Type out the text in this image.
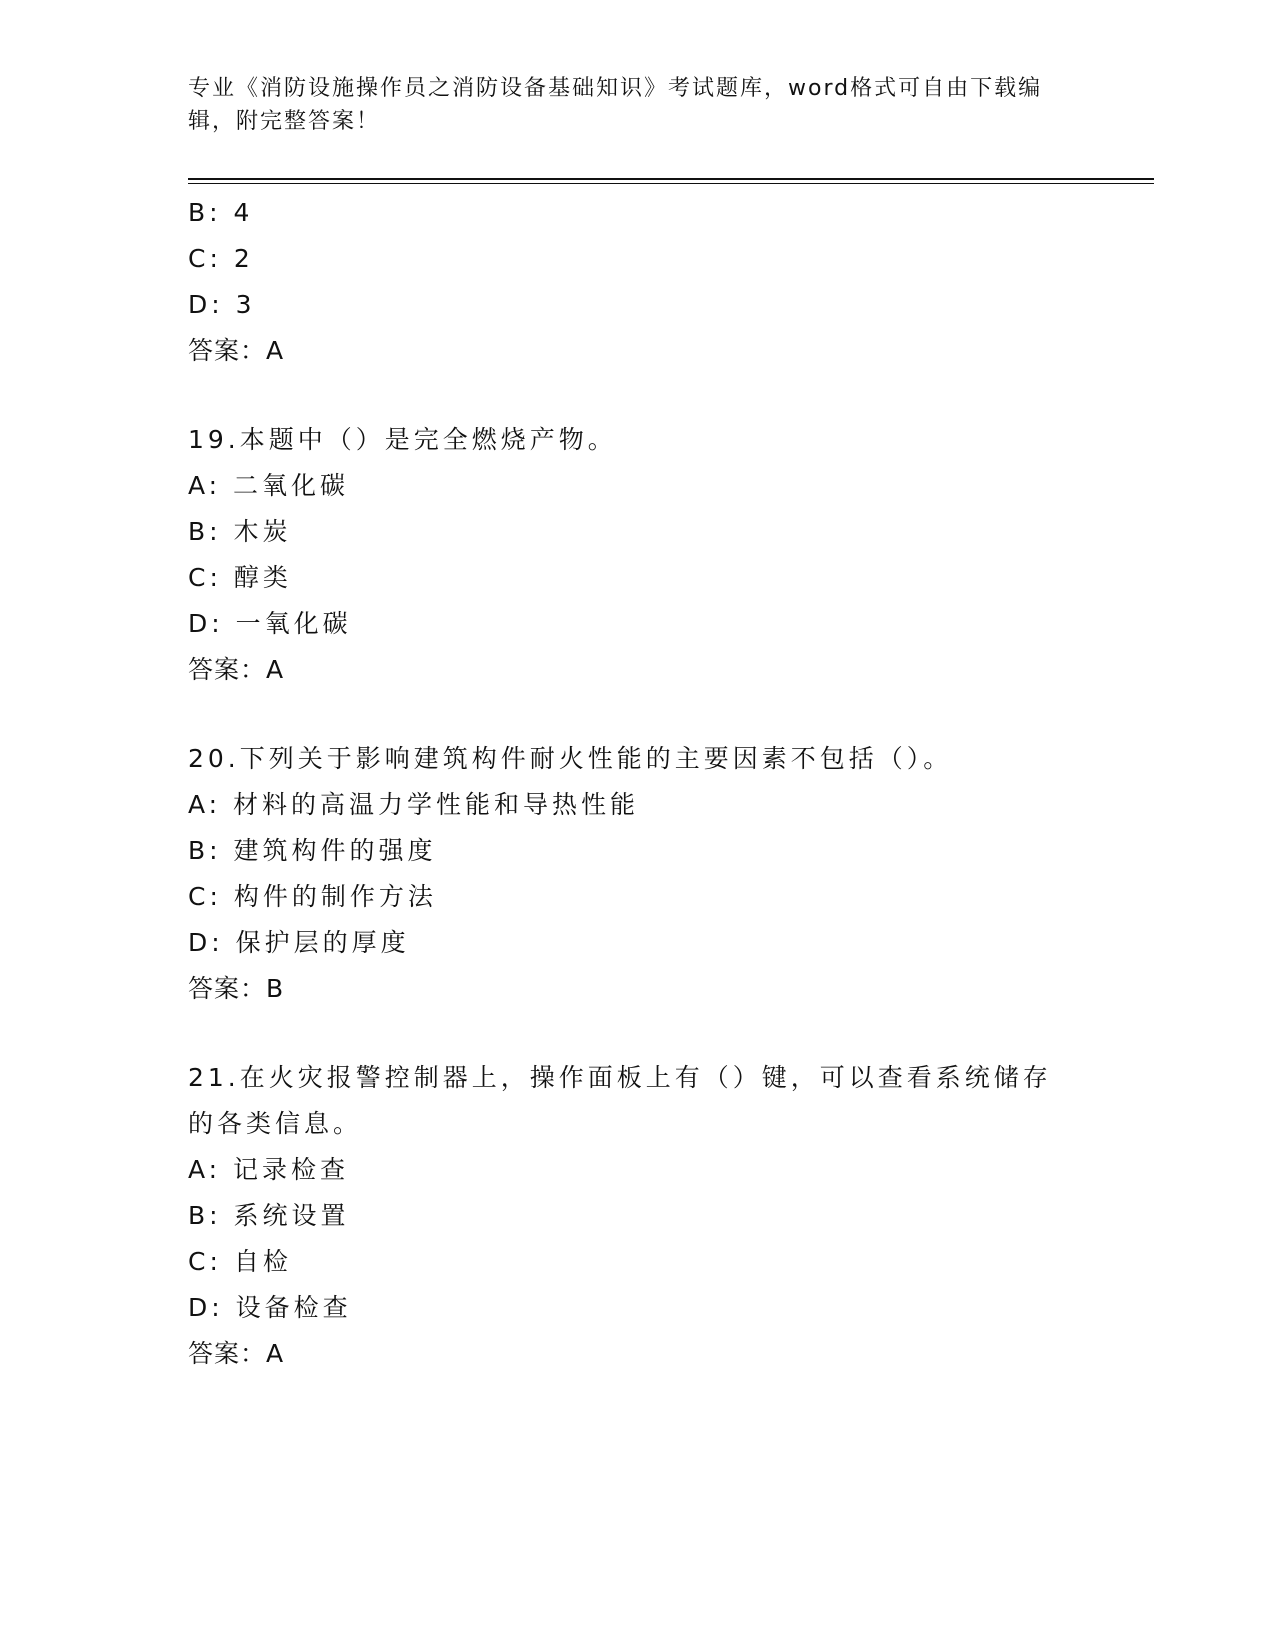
专业《消防设施操作员之消防设备基础知识》考试题库，word格式可自由下载编辑，附完整答案！
B: 4
C: 2
D: 3
答案：A
19.本题中（）是完全燃烧产物。
A: 二氧化碳
B: 木炭
C: 醇类
D: 一氧化碳
答案：A
20.下列关于影响建筑构件耐火性能的主要因素不包括（）。
A: 材料的高温力学性能和导热性能
B: 建筑构件的强度
C: 构件的制作方法
D: 保护层的厚度
答案：B
21.在火灾报警控制器上，操作面板上有（）键，可以查看系统储存的各类信息。
A: 记录检查
B: 系统设置
C: 自检
D: 设备检查
答案：A
